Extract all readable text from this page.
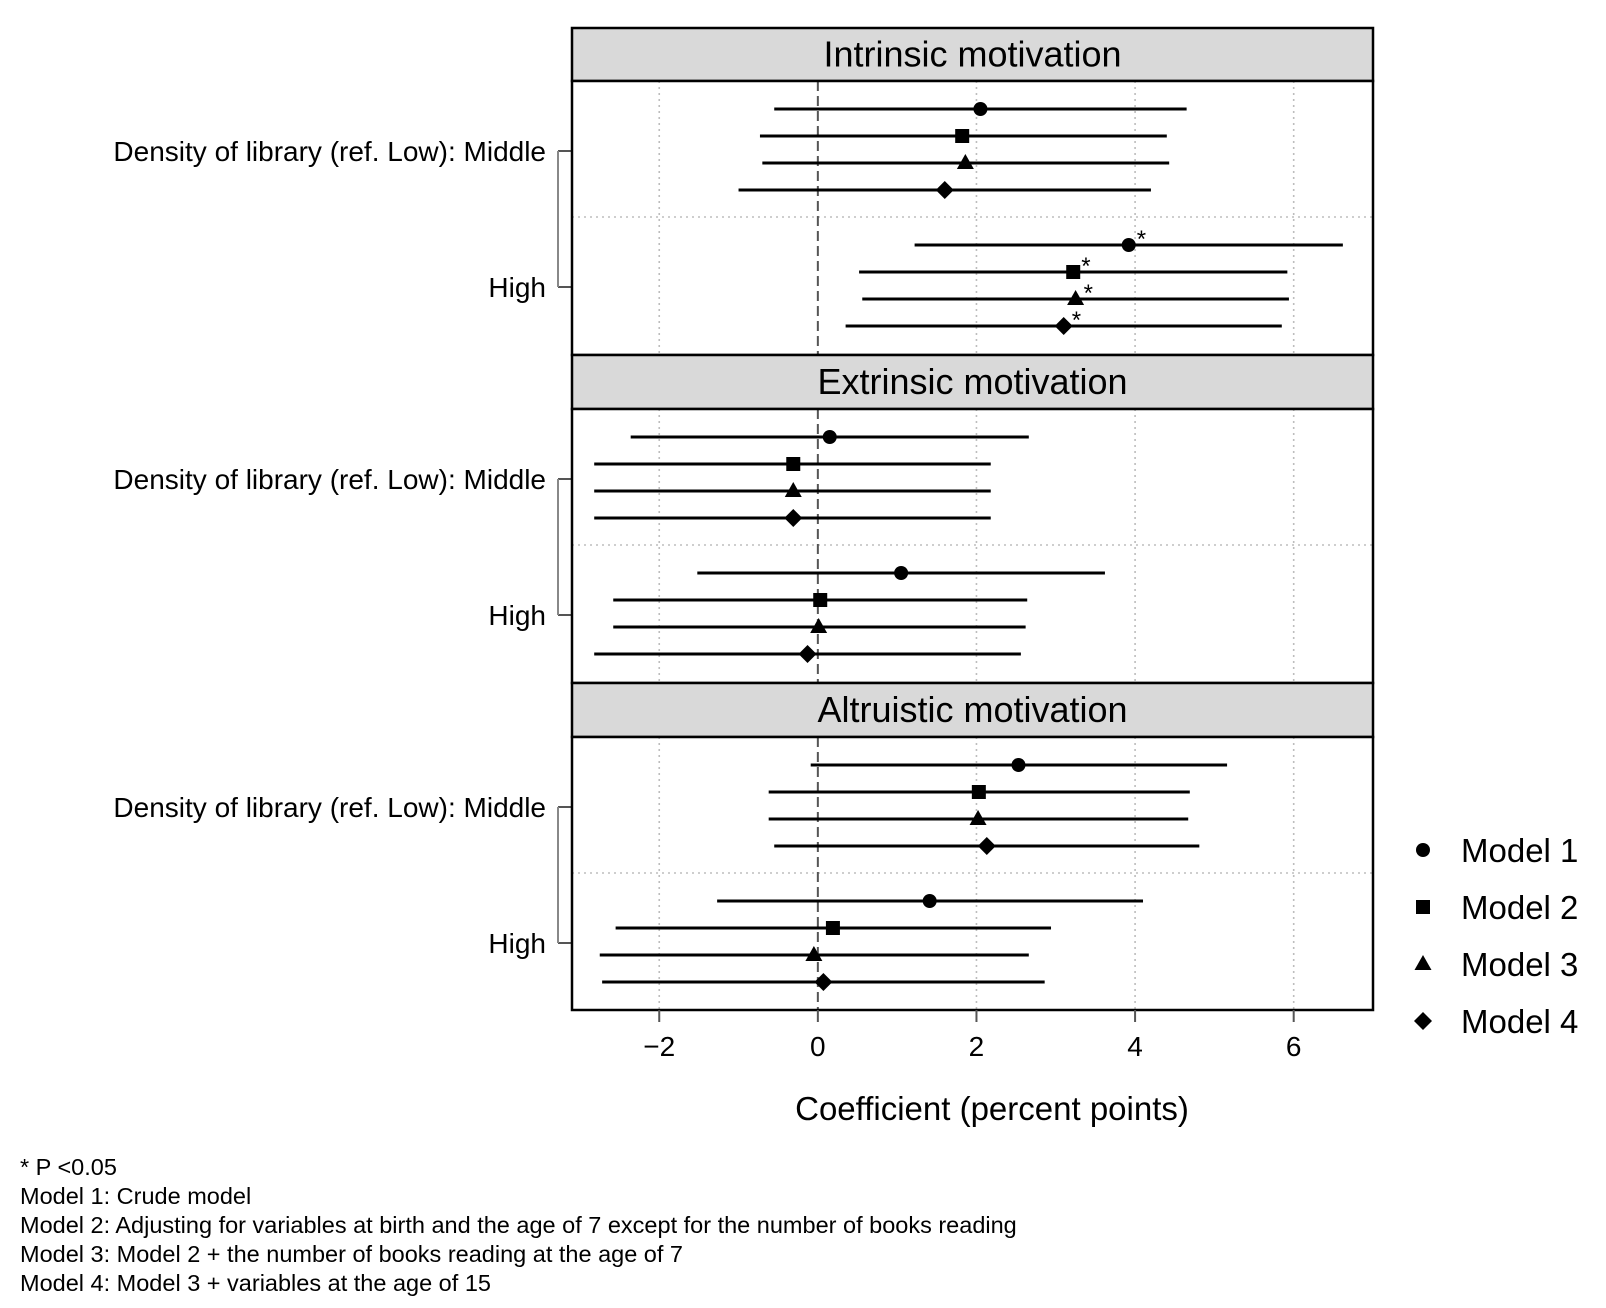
Intrinsic motivation
Density of library (ref. Low): Middle
High
*
*
*
*
Extrinsic motivation
Density of library (ref. Low): Middle
High
Altruistic motivation
Density of library (ref. Low): Middle
High
−2	0	2	4	6
Coefficient (percent points)
Model 1
Model 2
Model 3
Model 4
* P <0.05
Model 1: Crude model
Model 2: Adjusting for variables at birth and the age of 7 except for the number of books reading
Model 3: Model 2 + the number of books reading at the age of 7
Model 4: Model 3 + variables at the age of 15
